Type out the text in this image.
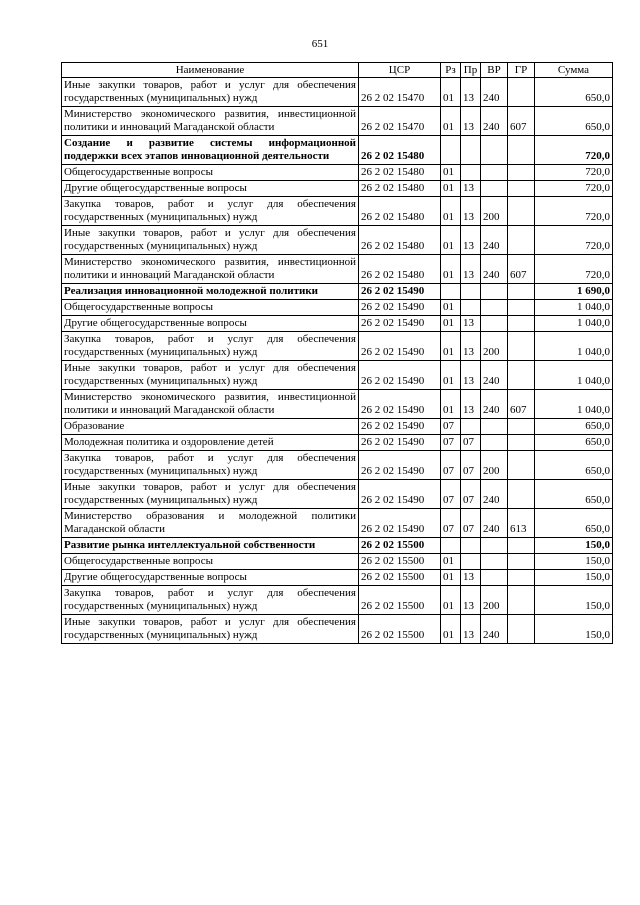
651
Наименование	ЦСР	Рз	Пр	ВР	ГР	Сумма
Иные закупки товаров, работ и услуг для обеспечения государственных (муниципальных) нужд	26 2 02 15470	01	13	240		650,0
Министерство экономического развития, инвестиционной политики и инноваций Магаданской области	26 2 02 15470	01	13	240	607	650,0
Создание и развитие системы информационной поддержки всех этапов инновационной деятельности	26 2 02 15480					720,0
Общегосударственные вопросы	26 2 02 15480	01				720,0
Другие общегосударственные вопросы	26 2 02 15480	01	13			720,0
Закупка товаров, работ и услуг для обеспечения государственных (муниципальных) нужд	26 2 02 15480	01	13	200		720,0
Иные закупки товаров, работ и услуг для обеспечения государственных (муниципальных) нужд	26 2 02 15480	01	13	240		720,0
Министерство экономического развития, инвестиционной политики и инноваций Магаданской области	26 2 02 15480	01	13	240	607	720,0
Реализация инновационной молодежной политики	26 2 02 15490					1 690,0
Общегосударственные вопросы	26 2 02 15490	01				1 040,0
Другие общегосударственные вопросы	26 2 02 15490	01	13			1 040,0
Закупка товаров, работ и услуг для обеспечения государственных (муниципальных) нужд	26 2 02 15490	01	13	200		1 040,0
Иные закупки товаров, работ и услуг для обеспечения государственных (муниципальных) нужд	26 2 02 15490	01	13	240		1 040,0
Министерство экономического развития, инвестиционной политики и инноваций Магаданской области	26 2 02 15490	01	13	240	607	1 040,0
Образование	26 2 02 15490	07				650,0
Молодежная политика и оздоровление детей	26 2 02 15490	07	07			650,0
Закупка товаров, работ и услуг для обеспечения государственных (муниципальных) нужд	26 2 02 15490	07	07	200		650,0
Иные закупки товаров, работ и услуг для обеспечения государственных (муниципальных) нужд	26 2 02 15490	07	07	240		650,0
Министерство образования и молодежной политики Магаданской области	26 2 02 15490	07	07	240	613	650,0
Развитие рынка интеллектуальной собственности	26 2 02 15500					150,0
Общегосударственные вопросы	26 2 02 15500	01				150,0
Другие общегосударственные вопросы	26 2 02 15500	01	13			150,0
Закупка товаров, работ и услуг для обеспечения государственных (муниципальных) нужд	26 2 02 15500	01	13	200		150,0
Иные закупки товаров, работ и услуг для обеспечения государственных (муниципальных) нужд	26 2 02 15500	01	13	240		150,0
